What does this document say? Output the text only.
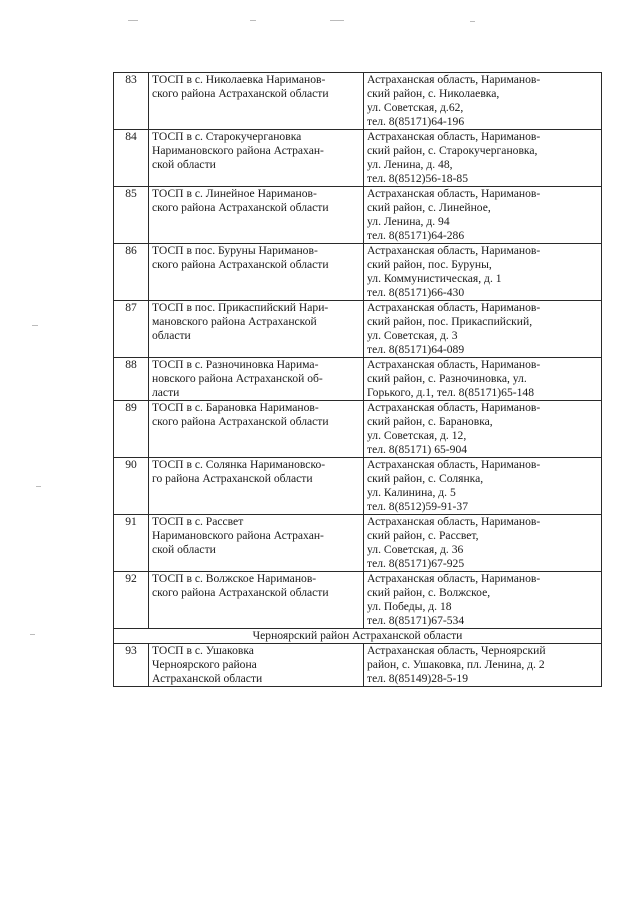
83	ТОСП в с. Николаевка Нариманов-
ского района Астраханской области	Астраханская область, Нариманов-
ский район, с. Николаевка,
ул. Советская, д.62,
тел. 8(85171)64-196

84	ТОСП в с. Старокучергановка
Наримановского района Астрахан-
ской области	Астраханская область, Нариманов-
ский район, с. Старокучергановка,
ул. Ленина, д. 48,
тел. 8(8512)56-18-85

85	ТОСП в с. Линейное Нариманов-
ского района Астраханской области	Астраханская область, Нариманов-
ский район, с. Линейное,
ул. Ленина, д. 94
тел. 8(85171)64-286

86	ТОСП в пос. Буруны Нариманов-
ского района Астраханской области	Астраханская область, Нариманов-
ский район, пос. Буруны,
ул. Коммунистическая, д. 1
тел. 8(85171)66-430

87	ТОСП в пос. Прикаспийский Нари-
мановского района Астраханской
области	Астраханская область, Нариманов-
ский район, пос. Прикаспийский,
ул. Советская, д. 3
тел. 8(85171)64-089

88	ТОСП в с. Разночиновка Нарима-
новского района Астраханской об-
ласти	Астраханская область, Нариманов-
ский район, с. Разночиновка, ул.
Горького, д.1, тел. 8(85171)65-148

89	ТОСП в с. Барановка Нариманов-
ского района Астраханской области	Астраханская область, Нариманов-
ский район, с. Барановка,
ул. Советская, д. 12,
тел. 8(85171) 65-904

90	ТОСП в с. Солянка Наримановско-
го района Астраханской области	Астраханская область, Нариманов-
ский район, с. Солянка,
ул. Калинина, д. 5
тел. 8(8512)59-91-37

91	ТОСП в с. Рассвет
Наримановского района Астрахан-
ской области	Астраханская область, Нариманов-
ский район, с. Рассвет,
ул. Советская, д. 36
тел. 8(85171)67-925

92	ТОСП в с. Волжское Нариманов-
ского района Астраханской области	Астраханская область, Нариманов-
ский район, с. Волжское,
ул. Победы, д. 18
тел. 8(85171)67-534

Черноярский район Астраханской области		

93	ТОСП в с. Ушаковка
Черноярского района
Астраханской области	Астраханская область, Черноярский
район, с. Ушаковка, пл. Ленина, д. 2
тел. 8(85149)28-5-19
